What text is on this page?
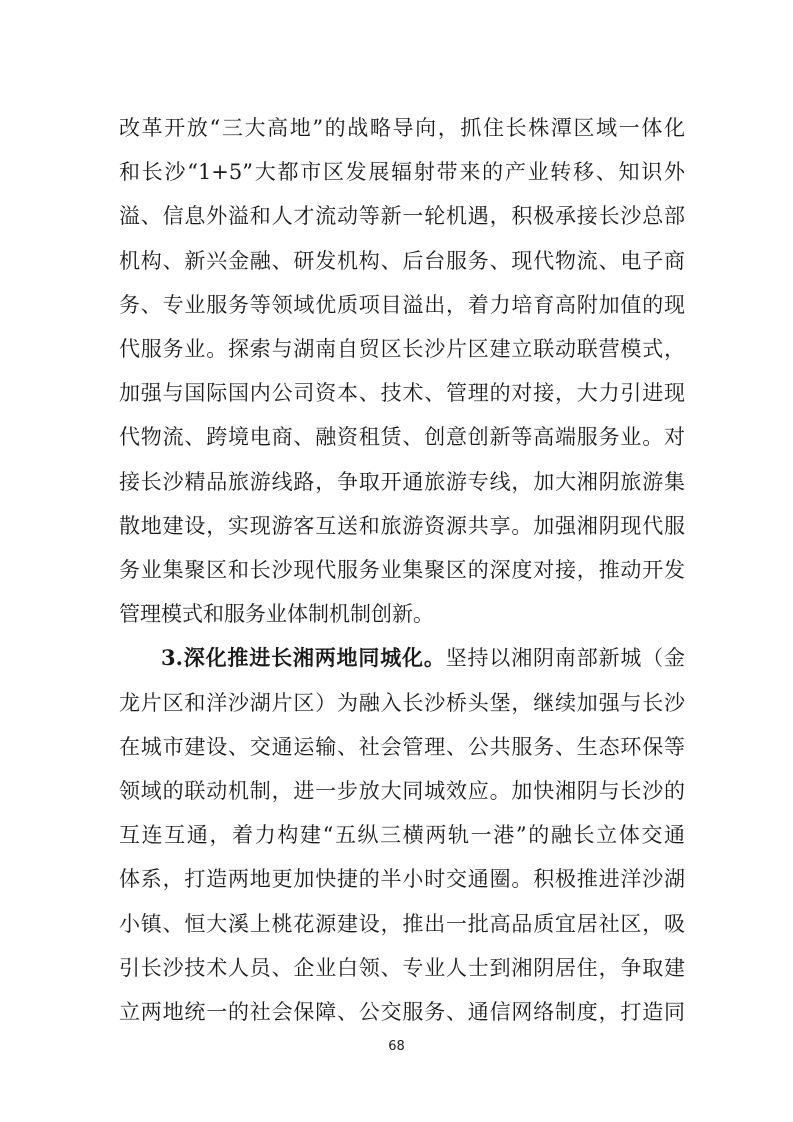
改革开放“三大高地”的战略导向，抓住长株潭区域一体化
和长沙“1+5”大都市区发展辐射带来的产业转移、知识外
溢、信息外溢和人才流动等新一轮机遇，积极承接长沙总部
机构、新兴金融、研发机构、后台服务、现代物流、电子商
务、专业服务等领域优质项目溢出，着力培育高附加值的现
代服务业。探索与湖南自贸区长沙片区建立联动联营模式，
加强与国际国内公司资本、技术、管理的对接，大力引进现
代物流、跨境电商、融资租赁、创意创新等高端服务业。对
接长沙精品旅游线路，争取开通旅游专线，加大湘阴旅游集
散地建设，实现游客互送和旅游资源共享。加强湘阴现代服
务业集聚区和长沙现代服务业集聚区的深度对接，推动开发
管理模式和服务业体制机制创新。
3.深化推进长湘两地同城化。坚持以湘阴南部新城（金
龙片区和洋沙湖片区）为融入长沙桥头堡，继续加强与长沙
在城市建设、交通运输、社会管理、公共服务、生态环保等
领域的联动机制，进一步放大同城效应。加快湘阴与长沙的
互连互通，着力构建“五纵三横两轨一港”的融长立体交通
体系，打造两地更加快捷的半小时交通圈。积极推进洋沙湖
小镇、恒大溪上桃花源建设，推出一批高品质宜居社区，吸
引长沙技术人员、企业白领、专业人士到湘阴居住，争取建
立两地统一的社会保障、公交服务、通信网络制度，打造同
68
